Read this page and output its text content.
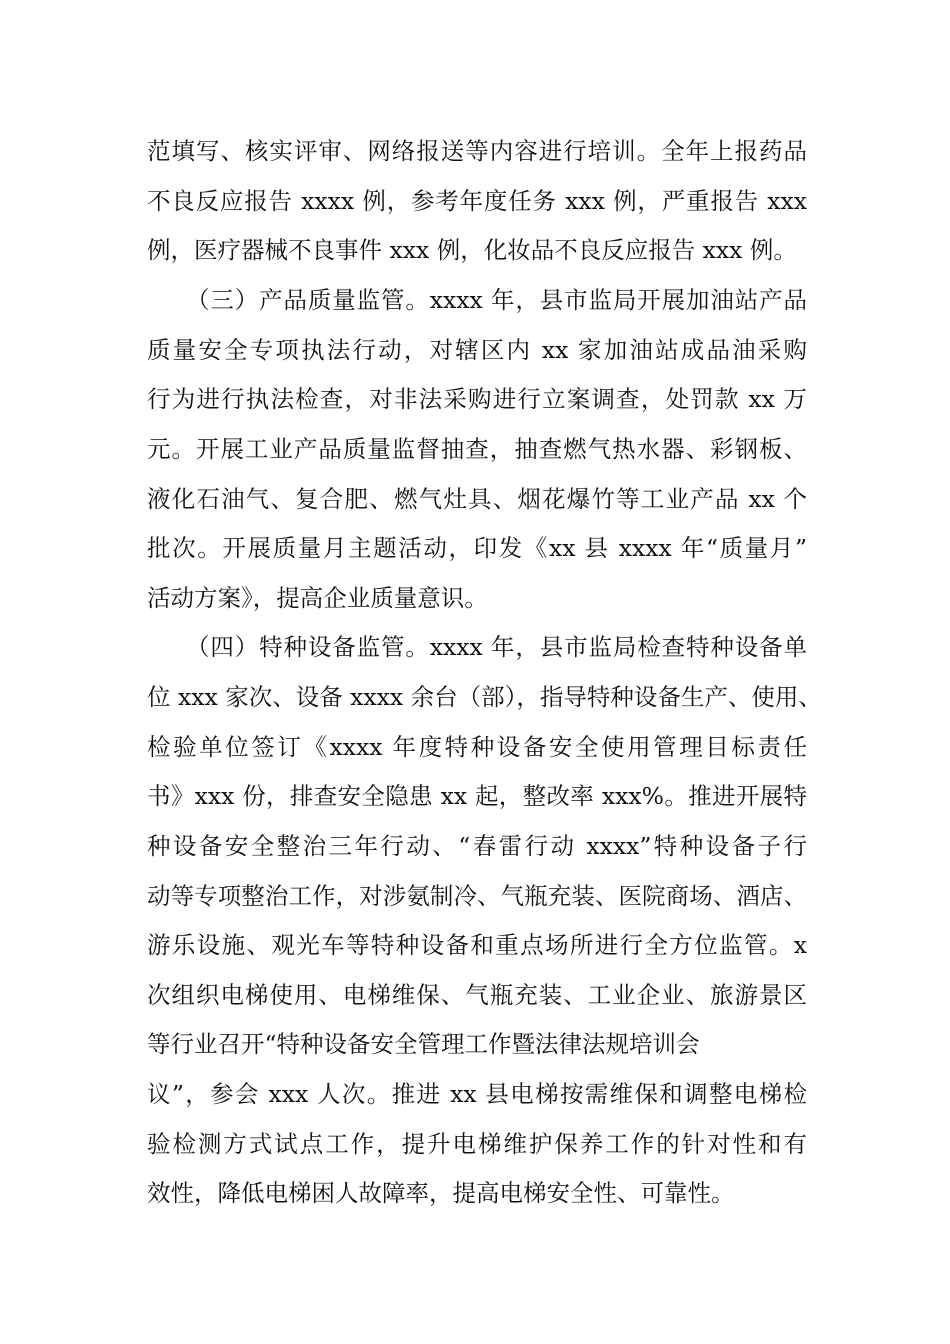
范填写、核实评审、网络报送等内容进行培训。全年上报药品
不良反应报告 xxxx 例，参考年度任务 xxx 例，严重报告 xxx
例，医疗器械不良事件 xxx 例，化妆品不良反应报告 xxx 例。
（三）产品质量监管。xxxx 年，县市监局开展加油站产品
质量安全专项执法行动，对辖区内 xx 家加油站成品油采购
行为进行执法检查，对非法采购进行立案调查，处罚款 xx 万
元。开展工业产品质量监督抽查，抽查燃气热水器、彩钢板、
液化石油气、复合肥、燃气灶具、烟花爆竹等工业产品 xx 个
批次。开展质量月主题活动，印发《xx 县 xxxx 年“质量月”
活动方案》，提高企业质量意识。
（四）特种设备监管。xxxx 年，县市监局检查特种设备单
位 xxx 家次、设备 xxxx 余台（部），指导特种设备生产、使用、
检验单位签订《xxxx 年度特种设备安全使用管理目标责任
书》xxx 份，排查安全隐患 xx 起，整改率 xxx%。推进开展特
种设备安全整治三年行动、“春雷行动 xxxx”特种设备子行
动等专项整治工作，对涉氨制冷、气瓶充装、医院商场、酒店、
游乐设施、观光车等特种设备和重点场所进行全方位监管。x
次组织电梯使用、电梯维保、气瓶充装、工业企业、旅游景区
等行业召开“特种设备安全管理工作暨法律法规培训会
议”，参会 xxx 人次。推进 xx 县电梯按需维保和调整电梯检
验检测方式试点工作，提升电梯维护保养工作的针对性和有
效性，降低电梯困人故障率，提高电梯安全性、可靠性。
